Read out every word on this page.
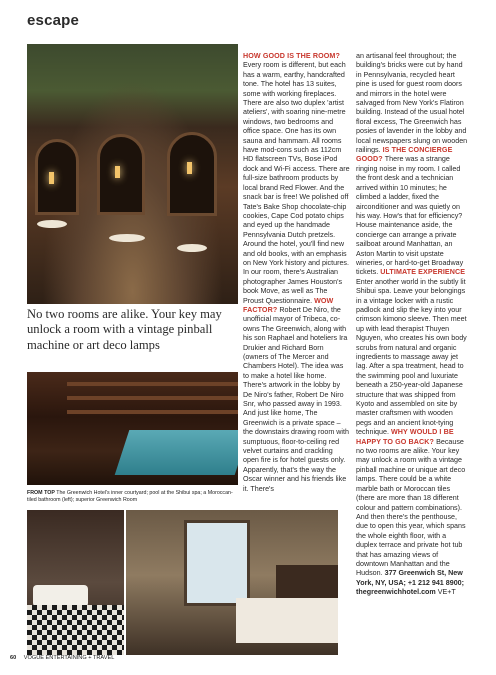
escape
No two rooms are alike. Your key may unlock a room with a vintage pinball machine or art deco lamps
FROM TOP The Greenwich Hotel's inner courtyard; pool at the Shibui spa; a Moroccan-tiled bathroom (left); superior Greenwich Room
HOW GOOD IS THE ROOM? Every room is different, but each has a warm, earthy, handcrafted tone. The hotel has 13 suites, some with working fireplaces. There are also two duplex 'artist ateliers', with soaring nine-metre windows, two bedrooms and office space. One has its own sauna and hammam. All rooms have mod-cons such as 112cm HD flatscreen TVs, Bose iPod dock and Wi-Fi access. There are full-size bathroom products by local brand Red Flower. And the snack bar is free! We polished off Tate's Bake Shop chocolate-chip cookies, Cape Cod potato chips and eyed up the handmade Pennsylvania Dutch pretzels. Around the hotel, you'll find new and old books, with an emphasis on New York history and pictures. In our room, there's Australian photographer James Houston's book Move, as well as The Proust Questionnaire. WOW FACTOR? Robert De Niro, the unofficial mayor of Tribeca, co-owns The Greenwich, along with his son Raphael and hoteliers Ira Drukier and Richard Born (owners of The Mercer and Chambers Hotel). The idea was to make a hotel like home. There's artwork in the lobby by De Niro's father, Robert De Niro Snr, who passed away in 1993. And just like home, The Greenwich is a private space – the downstairs drawing room with sumptuous, floor-to-ceiling red velvet curtains and crackling open fire is for hotel guests only. Apparently, that's the way the Oscar winner and his friends like it. There's
an artisanal feel throughout; the building's bricks were cut by hand in Pennsylvania, recycled heart pine is used for guest room doors and mirrors in the hotel were salvaged from New York's Flatiron building. Instead of the usual hotel floral excess, The Greenwich has posies of lavender in the lobby and local newspapers slung on wooden railings. IS THE CONCIERGE GOOD? There was a strange ringing noise in my room. I called the front desk and a technician arrived within 10 minutes; he climbed a ladder, fixed the airconditioner and was quietly on his way. How's that for efficiency? House maintenance aside, the concierge can arrange a private sailboat around Manhattan, an Aston Martin to visit upstate wineries, or hard-to-get Broadway tickets. ULTIMATE EXPERIENCE Enter another world in the subtly lit Shibui spa. Leave your belongings in a vintage locker with a rustic padlock and slip the key into your crimson kimono sleeve. Then meet up with lead therapist Thuyen Nguyen, who creates his own body scrubs from natural and organic ingredients to massage away jet lag. After a spa treatment, head to the swimming pool and luxuriate beneath a 250-year-old Japanese structure that was shipped from Kyoto and assembled on site by master craftsmen with wooden pegs and an ancient knot-tying technique. WHY WOULD I BE HAPPY TO GO BACK? Because no two rooms are alike. Your key may unlock a room with a vintage pinball machine or unique art deco lamps. There could be a white marble bath or Moroccan tiles (there are more than 18 different colour and pattern combinations). And then there's the penthouse, due to open this year, which spans the whole eighth floor, with a duplex terrace and private hot tub that has amazing views of downtown Manhattan and the Hudson. 377 Greenwich St, New York, NY, USA; +1 212 941 8900; thegreenwichhotel.com VE+T
60 VOGUE ENTERTAINING + TRAVEL
